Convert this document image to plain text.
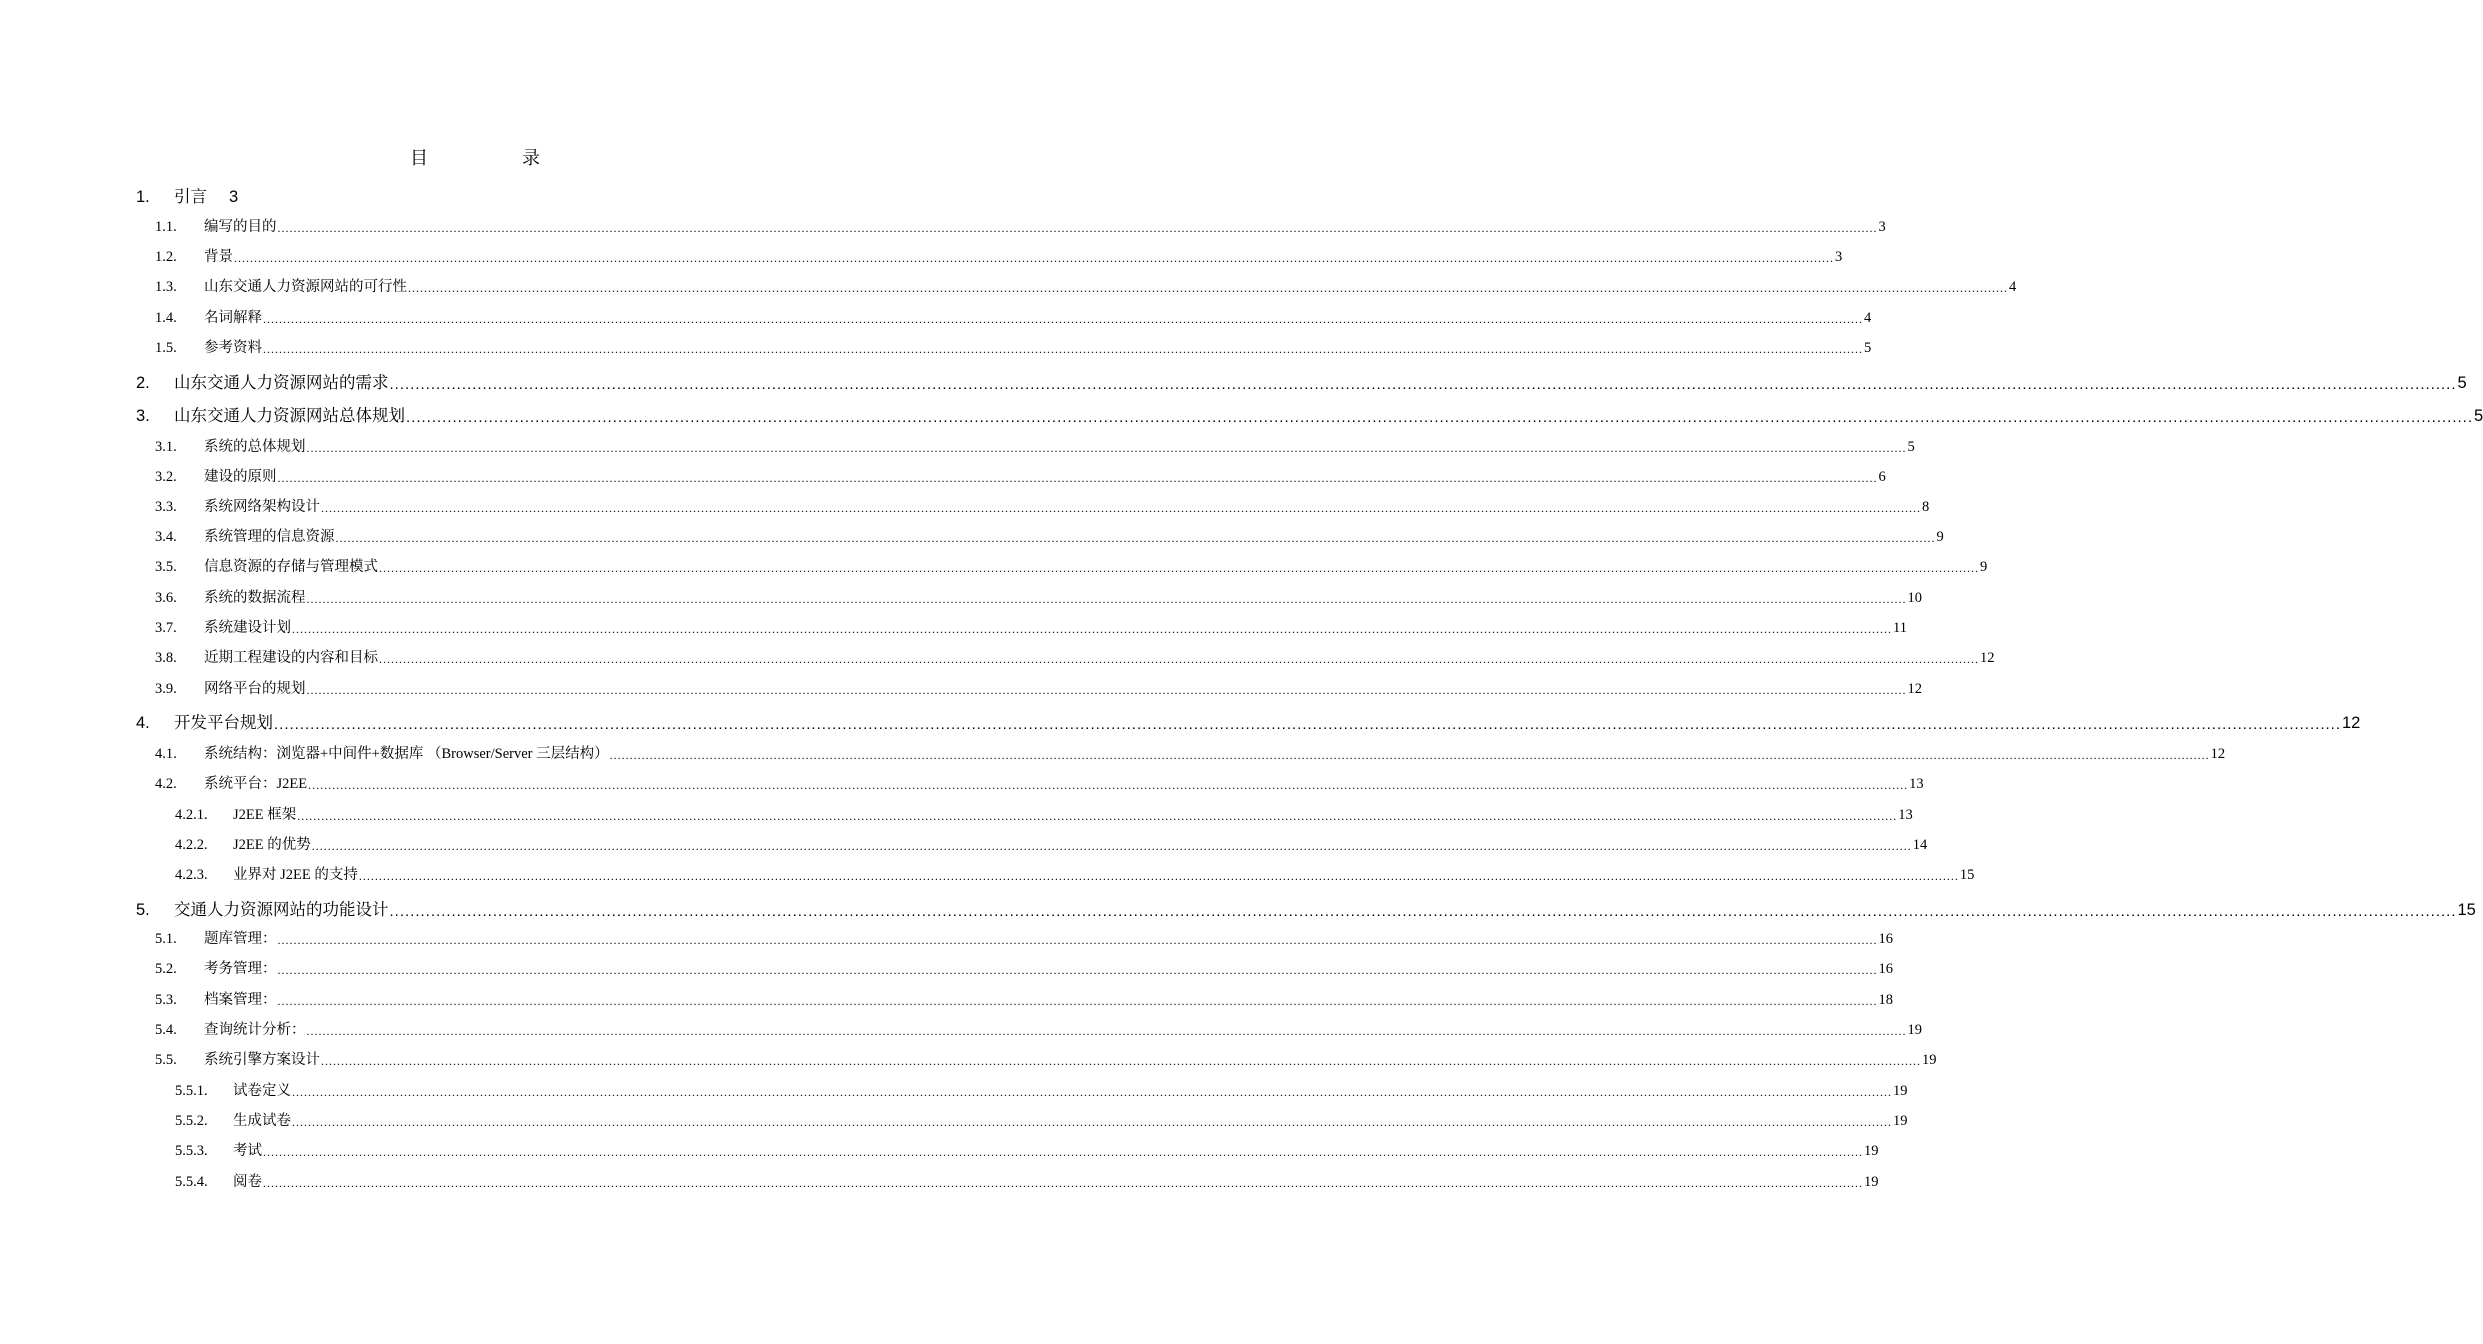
目　录
1.	引言 3
1.1.	编写的目的 ................................................................................................................................................................................................................................................................................................................................................................................................................ 3
1.2.	背景 ................................................................................................................................................................................................................................................................................................................................................................................................................ 3
1.3.	山东交通人力资源网站的可行性 ................................................................................................................................................................................................................................................................................................................................................................................................................ 4
1.4.	名词解释 ................................................................................................................................................................................................................................................................................................................................................................................................................ 4
1.5.	参考资料 ................................................................................................................................................................................................................................................................................................................................................................................................................ 5
2.	山东交通人力资源网站的需求 ................................................................................................................................................................................................................................................................................................................................................................................................................ 5
3.	山东交通人力资源网站总体规划 ................................................................................................................................................................................................................................................................................................................................................................................................................ 5
3.1.	系统的总体规划 ................................................................................................................................................................................................................................................................................................................................................................................................................ 5
3.2.	建设的原则 ................................................................................................................................................................................................................................................................................................................................................................................................................ 6
3.3.	系统网络架构设计 ................................................................................................................................................................................................................................................................................................................................................................................................................ 8
3.4.	系统管理的信息资源 ................................................................................................................................................................................................................................................................................................................................................................................................................ 9
3.5.	信息资源的存储与管理模式 ................................................................................................................................................................................................................................................................................................................................................................................................................ 9
3.6.	系统的数据流程 ................................................................................................................................................................................................................................................................................................................................................................................................................ 10
3.7.	系统建设计划 ................................................................................................................................................................................................................................................................................................................................................................................................................ 11
3.8.	近期工程建设的内容和目标 ................................................................................................................................................................................................................................................................................................................................................................................................................ 12
3.9.	网络平台的规划 ................................................................................................................................................................................................................................................................................................................................................................................................................ 12
4.	开发平台规划 ................................................................................................................................................................................................................................................................................................................................................................................................................ 12
4.1.	系统结构：浏览器+中间件+数据库 （Browser/Server 三层结构） ................................................................................................................................................................................................................................................................................................................................................................................................................ 12
4.2.	系统平台：J2EE ................................................................................................................................................................................................................................................................................................................................................................................................................ 13
4.2.1.	J2EE 框架 ................................................................................................................................................................................................................................................................................................................................................................................................................ 13
4.2.2.	J2EE 的优势 ................................................................................................................................................................................................................................................................................................................................................................................................................ 14
4.2.3.	业界对 J2EE 的支持 ................................................................................................................................................................................................................................................................................................................................................................................................................ 15
5.	交通人力资源网站的功能设计 ................................................................................................................................................................................................................................................................................................................................................................................................................ 15
5.1.	题库管理： ................................................................................................................................................................................................................................................................................................................................................................................................................ 16
5.2.	考务管理： ................................................................................................................................................................................................................................................................................................................................................................................................................ 16
5.3.	档案管理： ................................................................................................................................................................................................................................................................................................................................................................................................................ 18
5.4.	查询统计分析： ................................................................................................................................................................................................................................................................................................................................................................................................................ 19
5.5.	系统引擎方案设计 ................................................................................................................................................................................................................................................................................................................................................................................................................ 19
5.5.1.	试卷定义 ................................................................................................................................................................................................................................................................................................................................................................................................................ 19
5.5.2.	生成试卷 ................................................................................................................................................................................................................................................................................................................................................................................................................ 19
5.5.3.	考试 ................................................................................................................................................................................................................................................................................................................................................................................................................ 19
5.5.4.	阅卷 ................................................................................................................................................................................................................................................................................................................................................................................................................ 19
